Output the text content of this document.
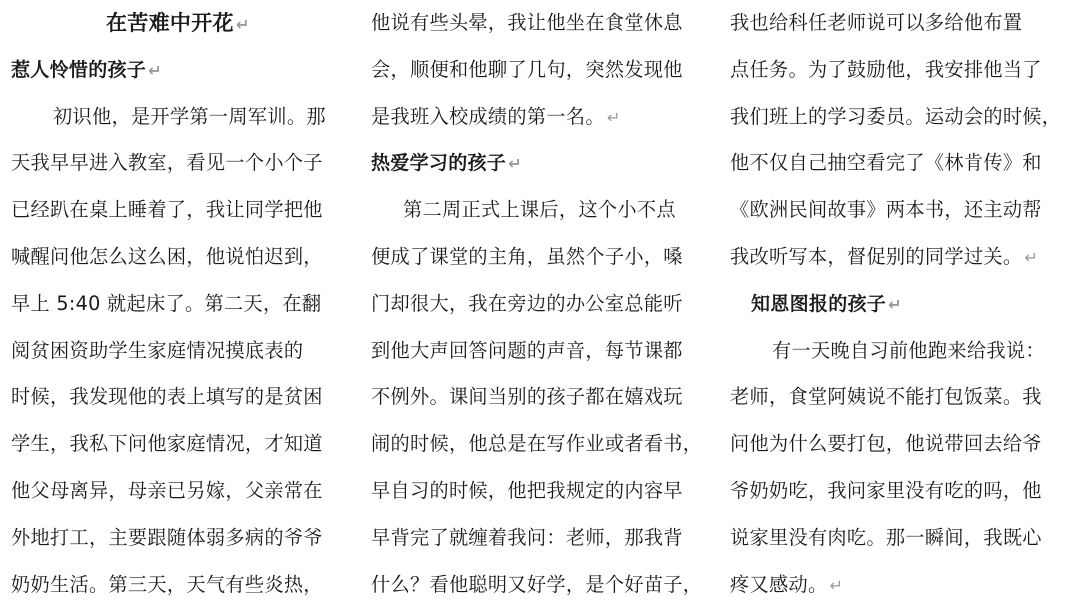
在苦难中开花 ↵
惹人怜惜的孩子 ↵
初识他，是开学第一周军训。那
天我早早进入教室，看见一个小个子
已经趴在桌上睡着了，我让同学把他
喊醒问他怎么这么困，他说怕迟到，
早上 5:40 就起床了。第二天，在翻
阅贫困资助学生家庭情况摸底表的
时候，我发现他的表上填写的是贫困
学生，我私下问他家庭情况，才知道
他父母离异，母亲已另嫁，父亲常在
外地打工，主要跟随体弱多病的爷爷
奶奶生活。第三天，天气有些炎热，
他说有些头晕，我让他坐在食堂休息
会，顺便和他聊了几句，突然发现他
是我班入校成绩的第一名。 ↵
热爱学习的孩子 ↵
第二周正式上课后，这个小不点
便成了课堂的主角，虽然个子小，嗓
门却很大，我在旁边的办公室总能听
到他大声回答问题的声音，每节课都
不例外。课间当别的孩子都在嬉戏玩
闹的时候，他总是在写作业或者看书，
早自习的时候，他把我规定的内容早
早背完了就缠着我问：老师，那我背
什么？看他聪明又好学，是个好苗子，
我也给科任老师说可以多给他布置
点任务。为了鼓励他，我安排他当了
我们班上的学习委员。运动会的时候，
他不仅自己抽空看完了《林肯传》和
《欧洲民间故事》两本书，还主动帮
我改听写本，督促别的同学过关。 ↵
知恩图报的孩子 ↵
有一天晚自习前他跑来给我说：
老师，食堂阿姨说不能打包饭菜。我
问他为什么要打包，他说带回去给爷
爷奶奶吃，我问家里没有吃的吗，他
说家里没有肉吃。那一瞬间，我既心
疼又感动。 ↵
